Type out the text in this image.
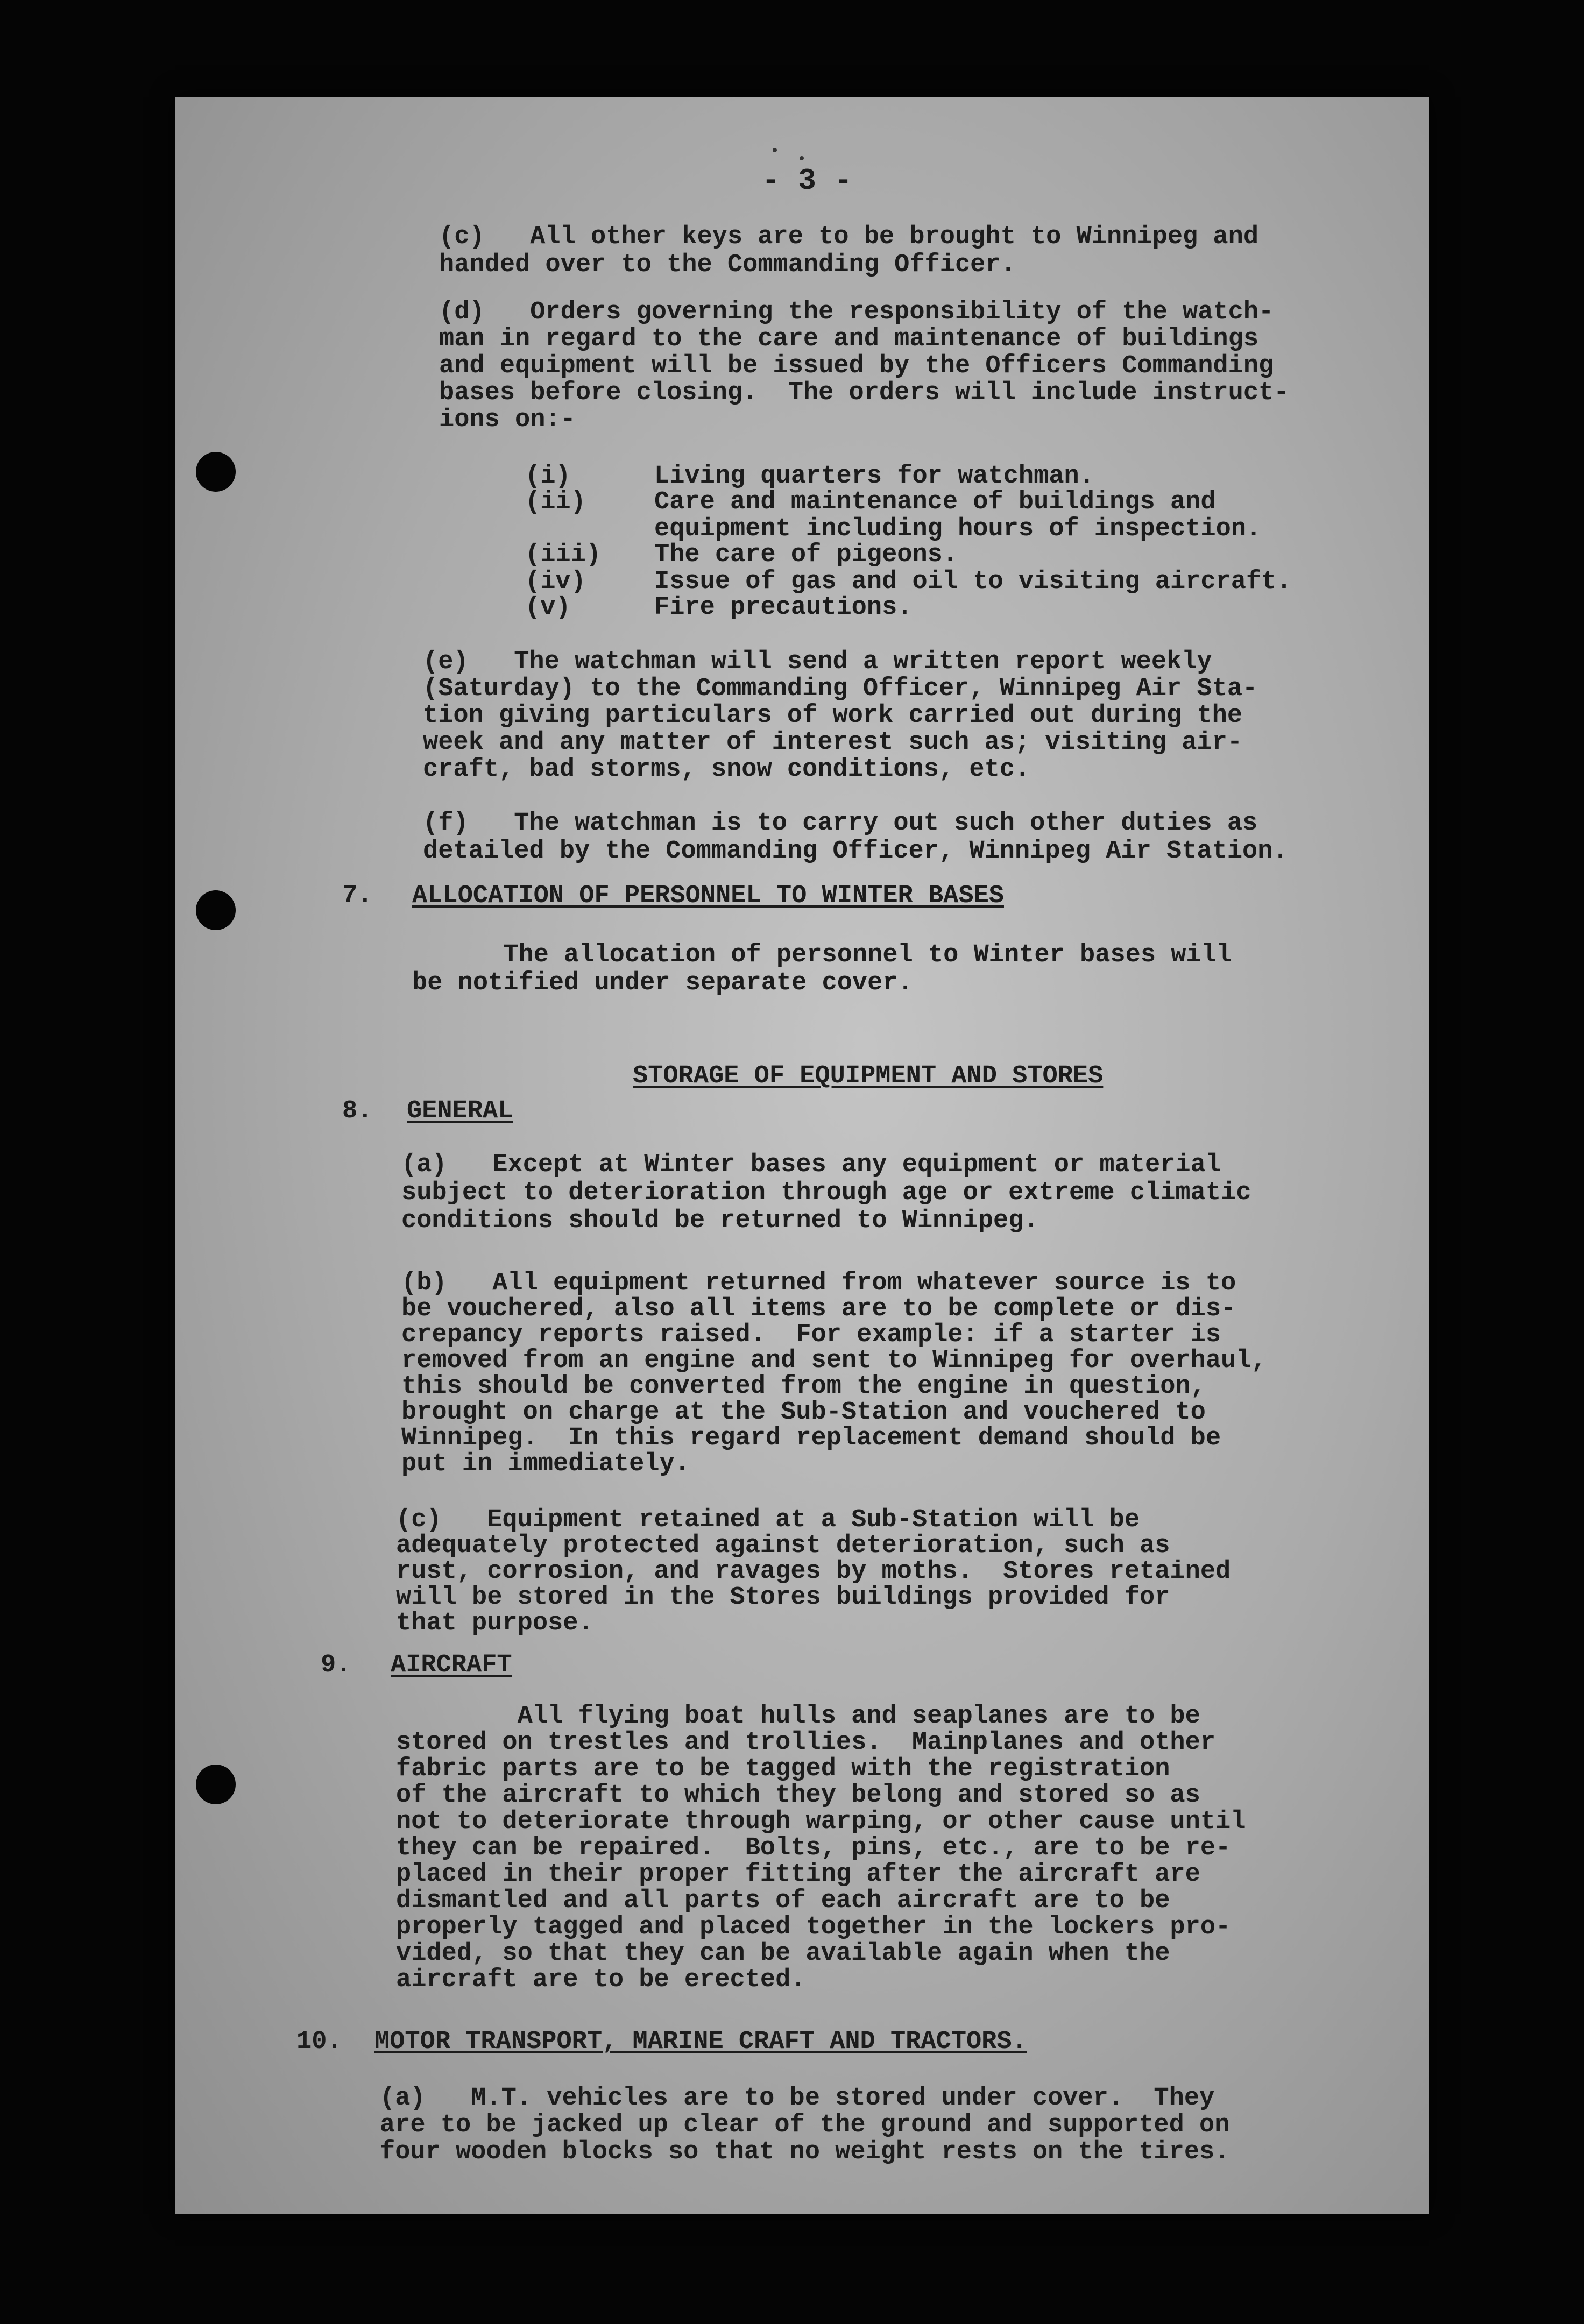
- 3 -
(c)   All other keys are to be brought to Winnipeg and
handed over to the Commanding Officer.
(d)   Orders governing the responsibility of the watch-
man in regard to the care and maintenance of buildings
and equipment will be issued by the Officers Commanding
bases before closing.  The orders will include instruct-
ions on:-
(i)	Living quarters for watchman.
(ii)	Care and maintenance of buildings and
equipment including hours of inspection.
(iii) The care of pigeons.
(iv)	Issue of gas and oil to visiting aircraft.
(v)	Fire precautions.
(e)   The watchman will send a written report weekly
(Saturday) to the Commanding Officer, Winnipeg Air Sta-
tion giving particulars of work carried out during the
week and any matter of interest such as; visiting air-
craft, bad storms, snow conditions, etc.
(f)   The watchman is to carry out such other duties as
detailed by the Commanding Officer, Winnipeg Air Station.
7. ALLOCATION OF PERSONNEL TO WINTER BASES
The allocation of personnel to Winter bases will
be notified under separate cover.
STORAGE OF EQUIPMENT AND STORES
8. GENERAL
(a)   Except at Winter bases any equipment or material
subject to deterioration through age or extreme climatic
conditions should be returned to Winnipeg.
(b)   All equipment returned from whatever source is to
be vouchered, also all items are to be complete or dis-
crepancy reports raised.  For example: if a starter is
removed from an engine and sent to Winnipeg for overhaul,
this should be converted from the engine in question,
brought on charge at the Sub-Station and vouchered to
Winnipeg.  In this regard replacement demand should be
put in immediately.
(c)   Equipment retained at a Sub-Station will be
adequately protected against deterioration, such as
rust, corrosion, and ravages by moths.  Stores retained
will be stored in the Stores buildings provided for
that purpose.
9. AIRCRAFT
All flying boat hulls and seaplanes are to be
stored on trestles and trollies.  Mainplanes and other
fabric parts are to be tagged with the registration
of the aircraft to which they belong and stored so as
not to deteriorate through warping, or other cause until
they can be repaired.  Bolts, pins, etc., are to be re-
placed in their proper fitting after the aircraft are
dismantled and all parts of each aircraft are to be
properly tagged and placed together in the lockers pro-
vided, so that they can be available again when the
aircraft are to be erected.
10. MOTOR TRANSPORT, MARINE CRAFT AND TRACTORS.
(a)   M.T. vehicles are to be stored under cover.  They
are to be jacked up clear of the ground and supported on
four wooden blocks so that no weight rests on the tires.
